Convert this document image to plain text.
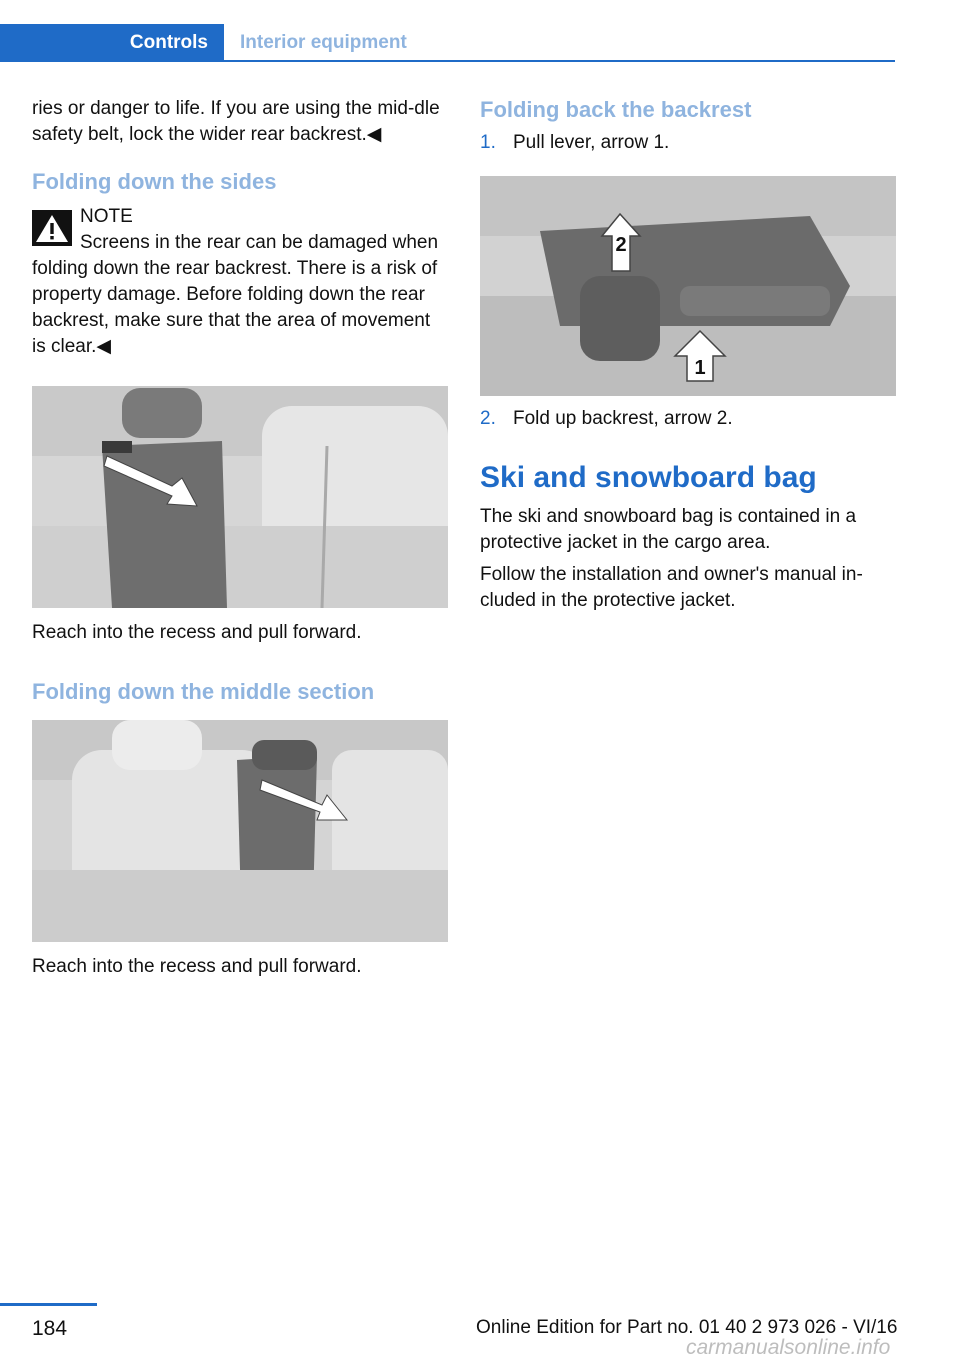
Controls	Interior equipment

ries or danger to life. If you are using the mid-dle safety belt, lock the wider rear backrest.◀

Folding down the sides

NOTE

Screens in the rear can be damaged when folding down the rear backrest. There is a risk of property damage. Before folding down the rear backrest, make sure that the area of movement is clear.◀

Reach into the recess and pull forward.

Folding down the middle section

Reach into the recess and pull forward.

Folding back the backrest
1. Pull lever, arrow 1.
2
1
2. Fold up backrest, arrow 2.
Ski and snowboard bag

The ski and snowboard bag is contained in a protective jacket in the cargo area.

Follow the installation and owner's manual in-cluded in the protective jacket.

184	Online Edition for Part no. 01 40 2 973 026 - VI/16
carmanualsonline.info
